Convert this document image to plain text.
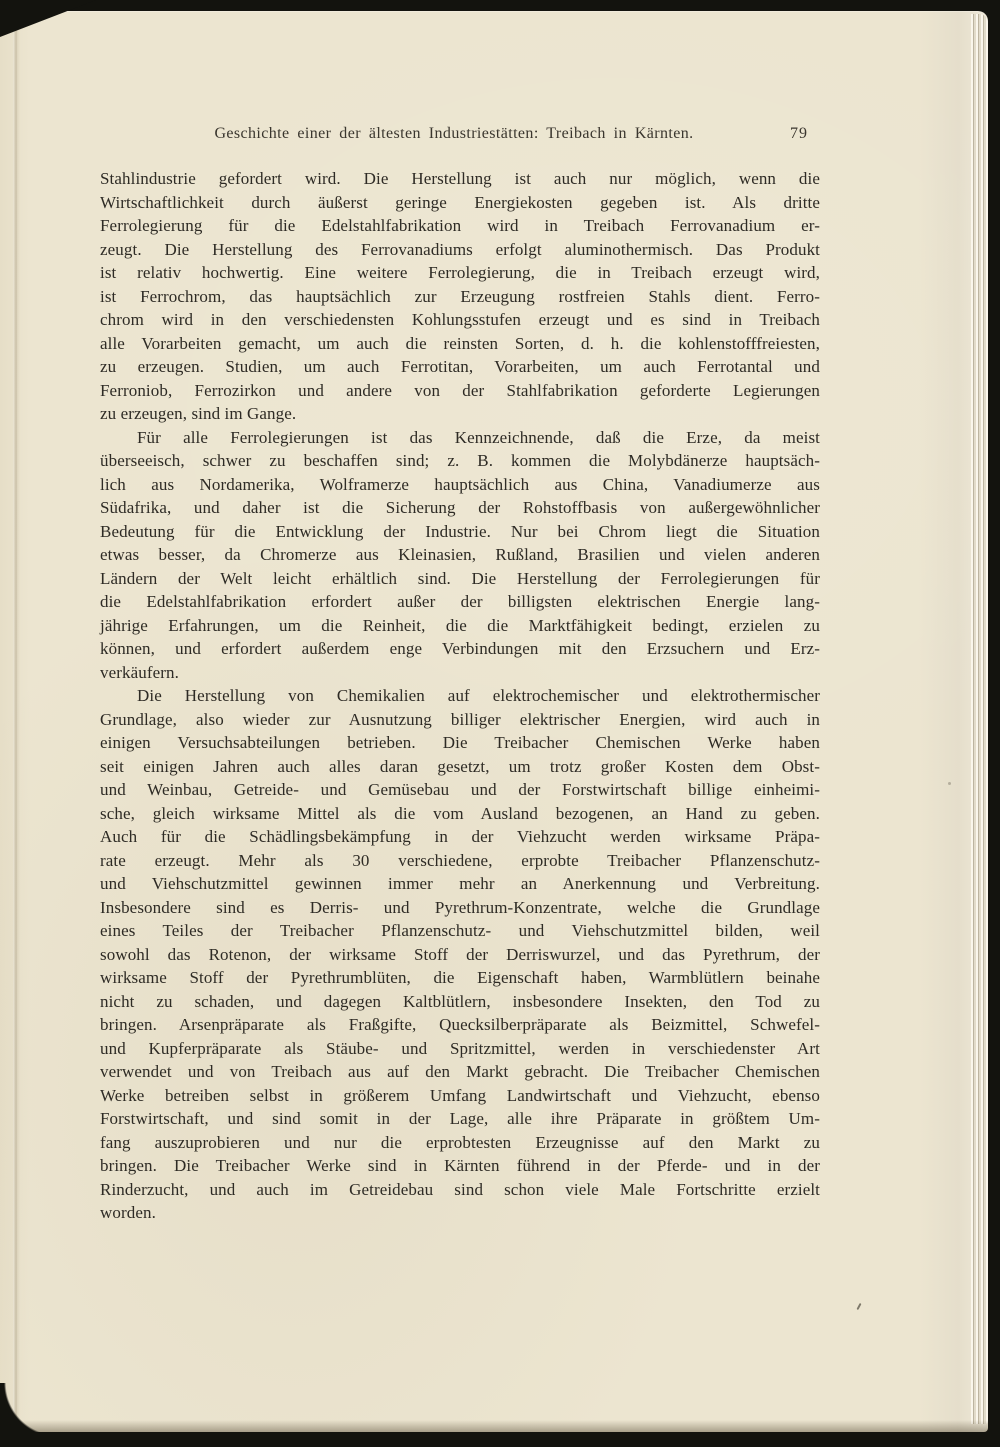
Geschichte einer der ältesten Industriestätten: Treibach in Kärnten.	79
Stahlindustrie gefordert wird. Die Herstellung ist auch nur möglich, wenn die
Wirtschaftlichkeit durch äußerst geringe Energiekosten gegeben ist. Als dritte
Ferrolegierung für die Edelstahlfabrikation wird in Treibach Ferrovanadium er-
zeugt. Die Herstellung des Ferrovanadiums erfolgt aluminothermisch. Das Produkt
ist relativ hochwertig. Eine weitere Ferrolegierung, die in Treibach erzeugt wird,
ist Ferrochrom, das hauptsächlich zur Erzeugung rostfreien Stahls dient. Ferro-
chrom wird in den verschiedensten Kohlungsstufen erzeugt und es sind in Treibach
alle Vorarbeiten gemacht, um auch die reinsten Sorten, d. h. die kohlenstofffreiesten,
zu erzeugen. Studien, um auch Ferrotitan, Vorarbeiten, um auch Ferrotantal und
Ferroniob, Ferrozirkon und andere von der Stahlfabrikation geforderte Legierungen
zu erzeugen, sind im Gange.
Für alle Ferrolegierungen ist das Kennzeichnende, daß die Erze, da meist
überseeisch, schwer zu beschaffen sind; z. B. kommen die Molybdänerze hauptsäch-
lich aus Nordamerika, Wolframerze hauptsächlich aus China, Vanadiumerze aus
Südafrika, und daher ist die Sicherung der Rohstoffbasis von außergewöhnlicher
Bedeutung für die Entwicklung der Industrie. Nur bei Chrom liegt die Situation
etwas besser, da Chromerze aus Kleinasien, Rußland, Brasilien und vielen anderen
Ländern der Welt leicht erhältlich sind. Die Herstellung der Ferrolegierungen für
die Edelstahlfabrikation erfordert außer der billigsten elektrischen Energie lang-
jährige Erfahrungen, um die Reinheit, die die Marktfähigkeit bedingt, erzielen zu
können, und erfordert außerdem enge Verbindungen mit den Erzsuchern und Erz-
verkäufern.
Die Herstellung von Chemikalien auf elektrochemischer und elektrothermischer
Grundlage, also wieder zur Ausnutzung billiger elektrischer Energien, wird auch in
einigen Versuchsabteilungen betrieben. Die Treibacher Chemischen Werke haben
seit einigen Jahren auch alles daran gesetzt, um trotz großer Kosten dem Obst-
und Weinbau, Getreide- und Gemüsebau und der Forstwirtschaft billige einheimi-
sche, gleich wirksame Mittel als die vom Ausland bezogenen, an Hand zu geben.
Auch für die Schädlingsbekämpfung in der Viehzucht werden wirksame Präpa-
rate erzeugt. Mehr als 30 verschiedene, erprobte Treibacher Pflanzenschutz-
und Viehschutzmittel gewinnen immer mehr an Anerkennung und Verbreitung.
Insbesondere sind es Derris- und Pyrethrum-Konzentrate, welche die Grundlage
eines Teiles der Treibacher Pflanzenschutz- und Viehschutzmittel bilden, weil
sowohl das Rotenon, der wirksame Stoff der Derriswurzel, und das Pyrethrum, der
wirksame Stoff der Pyrethrumblüten, die Eigenschaft haben, Warmblütlern beinahe
nicht zu schaden, und dagegen Kaltblütlern, insbesondere Insekten, den Tod zu
bringen. Arsenpräparate als Fraßgifte, Quecksilberpräparate als Beizmittel, Schwefel-
und Kupferpräparate als Stäube- und Spritzmittel, werden in verschiedenster Art
verwendet und von Treibach aus auf den Markt gebracht. Die Treibacher Chemischen
Werke betreiben selbst in größerem Umfang Landwirtschaft und Viehzucht, ebenso
Forstwirtschaft, und sind somit in der Lage, alle ihre Präparate in größtem Um-
fang auszuprobieren und nur die erprobtesten Erzeugnisse auf den Markt zu
bringen. Die Treibacher Werke sind in Kärnten führend in der Pferde- und in der
Rinderzucht, und auch im Getreidebau sind schon viele Male Fortschritte erzielt
worden.
